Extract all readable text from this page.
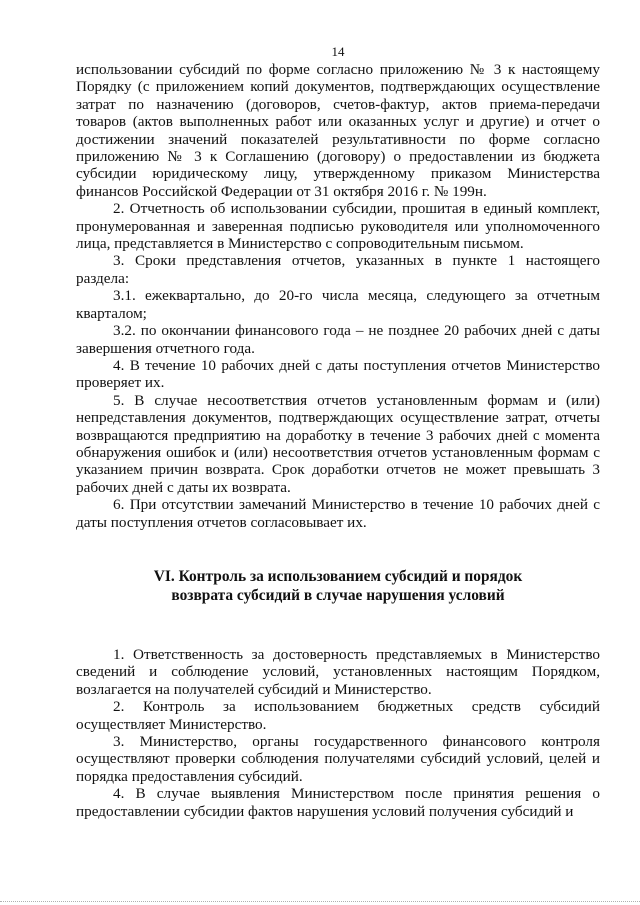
14

использовании субсидий по форме согласно приложению № 3 к настоящему Порядку (с приложением копий документов, подтверждающих осуществление затрат по назначению (договоров, счетов-фактур, актов приема-передачи товаров (актов выполненных работ или оказанных услуг и другие) и отчет о достижении значений показателей результативности по форме согласно приложению № 3 к Соглашению (договору) о предоставлении из бюджета субсидии юридическому лицу, утвержденному приказом Министерства финансов Российской Федерации от 31 октября 2016 г. № 199н.

2. Отчетность об использовании субсидии, прошитая в единый комплект, пронумерованная и заверенная подписью руководителя или уполномоченного лица, представляется в Министерство с сопроводительным письмом.

3. Сроки представления отчетов, указанных в пункте 1 настоящего раздела:

3.1. ежеквартально, до 20-го числа месяца, следующего за отчетным кварталом;

3.2. по окончании финансового года – не позднее 20 рабочих дней с даты завершения отчетного года.

4. В течение 10 рабочих дней с даты поступления отчетов Министерство проверяет их.

5. В случае несоответствия отчетов установленным формам и (или) непредставления документов, подтверждающих осуществление затрат, отчеты возвращаются предприятию на доработку в течение 3 рабочих дней с момента обнаружения ошибок и (или) несоответствия отчетов установленным формам с указанием причин возврата. Срок доработки отчетов не может превышать 3 рабочих дней с даты их возврата.

6. При отсутствии замечаний Министерство в течение 10 рабочих дней с даты поступления отчетов согласовывает их.

VI. Контроль за использованием субсидий и порядок
возврата субсидий в случае нарушения условий

1. Ответственность за достоверность представляемых в Министерство сведений и соблюдение условий, установленных настоящим Порядком, возлагается на получателей субсидий и Министерство.

2. Контроль за использованием бюджетных средств субсидий осуществляет Министерство.

3. Министерство, органы государственного финансового контроля осуществляют проверки соблюдения получателями субсидий условий, целей и порядка предоставления субсидий.

4. В случае выявления Министерством после принятия решения о предоставлении субсидии фактов нарушения условий получения субсидий и
